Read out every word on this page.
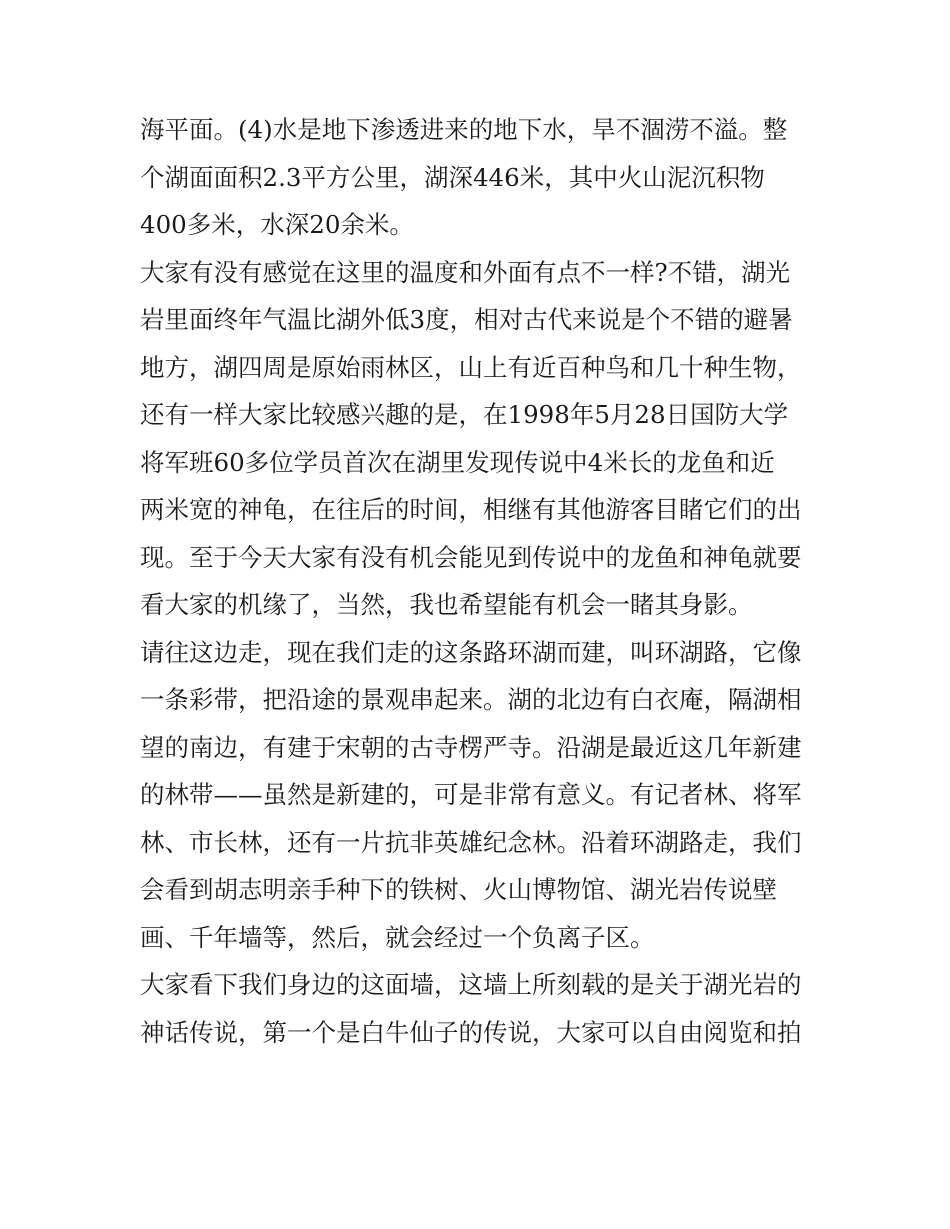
海平面。(4)水是地下渗透进来的地下水，旱不涸涝不溢。整
个湖面面积2.3平方公里，湖深446米，其中火山泥沉积物
400多米，水深20余米。
大家有没有感觉在这里的温度和外面有点不一样?不错，湖光
岩里面终年气温比湖外低3度，相对古代来说是个不错的避暑
地方，湖四周是原始雨林区，山上有近百种鸟和几十种生物，
还有一样大家比较感兴趣的是，在1998年5月28日国防大学
将军班60多位学员首次在湖里发现传说中4米长的龙鱼和近
两米宽的神龟，在往后的时间，相继有其他游客目睹它们的出
现。至于今天大家有没有机会能见到传说中的龙鱼和神龟就要
看大家的机缘了，当然，我也希望能有机会一睹其身影。
请往这边走，现在我们走的这条路环湖而建，叫环湖路，它像
一条彩带，把沿途的景观串起来。湖的北边有白衣庵，隔湖相
望的南边，有建于宋朝的古寺楞严寺。沿湖是最近这几年新建
的林带——虽然是新建的，可是非常有意义。有记者林、将军
林、市长林，还有一片抗非英雄纪念林。沿着环湖路走，我们
会看到胡志明亲手种下的铁树、火山博物馆、湖光岩传说壁
画、千年墙等，然后，就会经过一个负离子区。
大家看下我们身边的这面墙，这墙上所刻载的是关于湖光岩的
神话传说，第一个是白牛仙子的传说，大家可以自由阅览和拍
